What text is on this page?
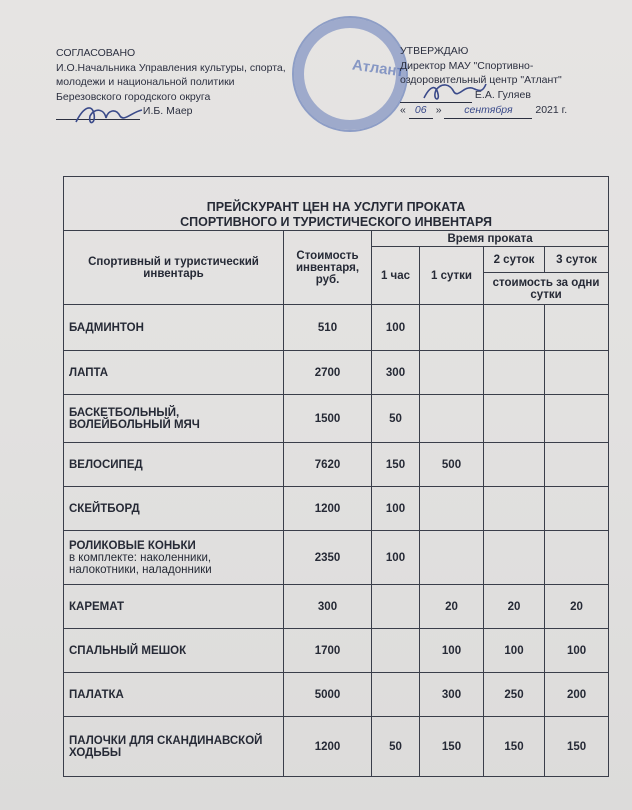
Атлант
СОГЛАСОВАНО
И.О.Начальника Управления культуры, спорта,
молодежи и национальной политики
Березовского городского округа
И.Б. Маер
УТВЕРЖДАЮ
Директор МАУ "Спортивно-
оздоровительный центр "Атлант"
Е.А. Гуляев
« 06 » сентября 2021 г.
ПРЕЙСКУРАНТ ЦЕН НА УСЛУГИ ПРОКАТА
СПОРТИВНОГО И ТУРИСТИЧЕСКОГО ИНВЕНТАРЯ					

Спортивный и туристический инвентарь	Стоимость инвентаря, руб.	Время проката			
		1 час	1 сутки	2 суток	3 суток
				стоимость за одни сутки	

БАДМИНТОН	510	100			

ЛАПТА	2700	300			

БАСКЕТБОЛЬНЫЙ, ВОЛЕЙБОЛЬНЫЙ МЯЧ	1500	50			

ВЕЛОСИПЕД	7620	150	500		

СКЕЙТБОРД	1200	100			

РОЛИКОВЫЕ КОНЬКИ
в комплекте: наколенники, налокотники, наладонники	2350	100			

КАРЕМАТ	300		20	20	20

СПАЛЬНЫЙ МЕШОК	1700		100	100	100

ПАЛАТКА	5000		300	250	200

ПАЛОЧКИ ДЛЯ СКАНДИНАВСКОЙ ХОДЬБЫ	1200	50	150	150	150
